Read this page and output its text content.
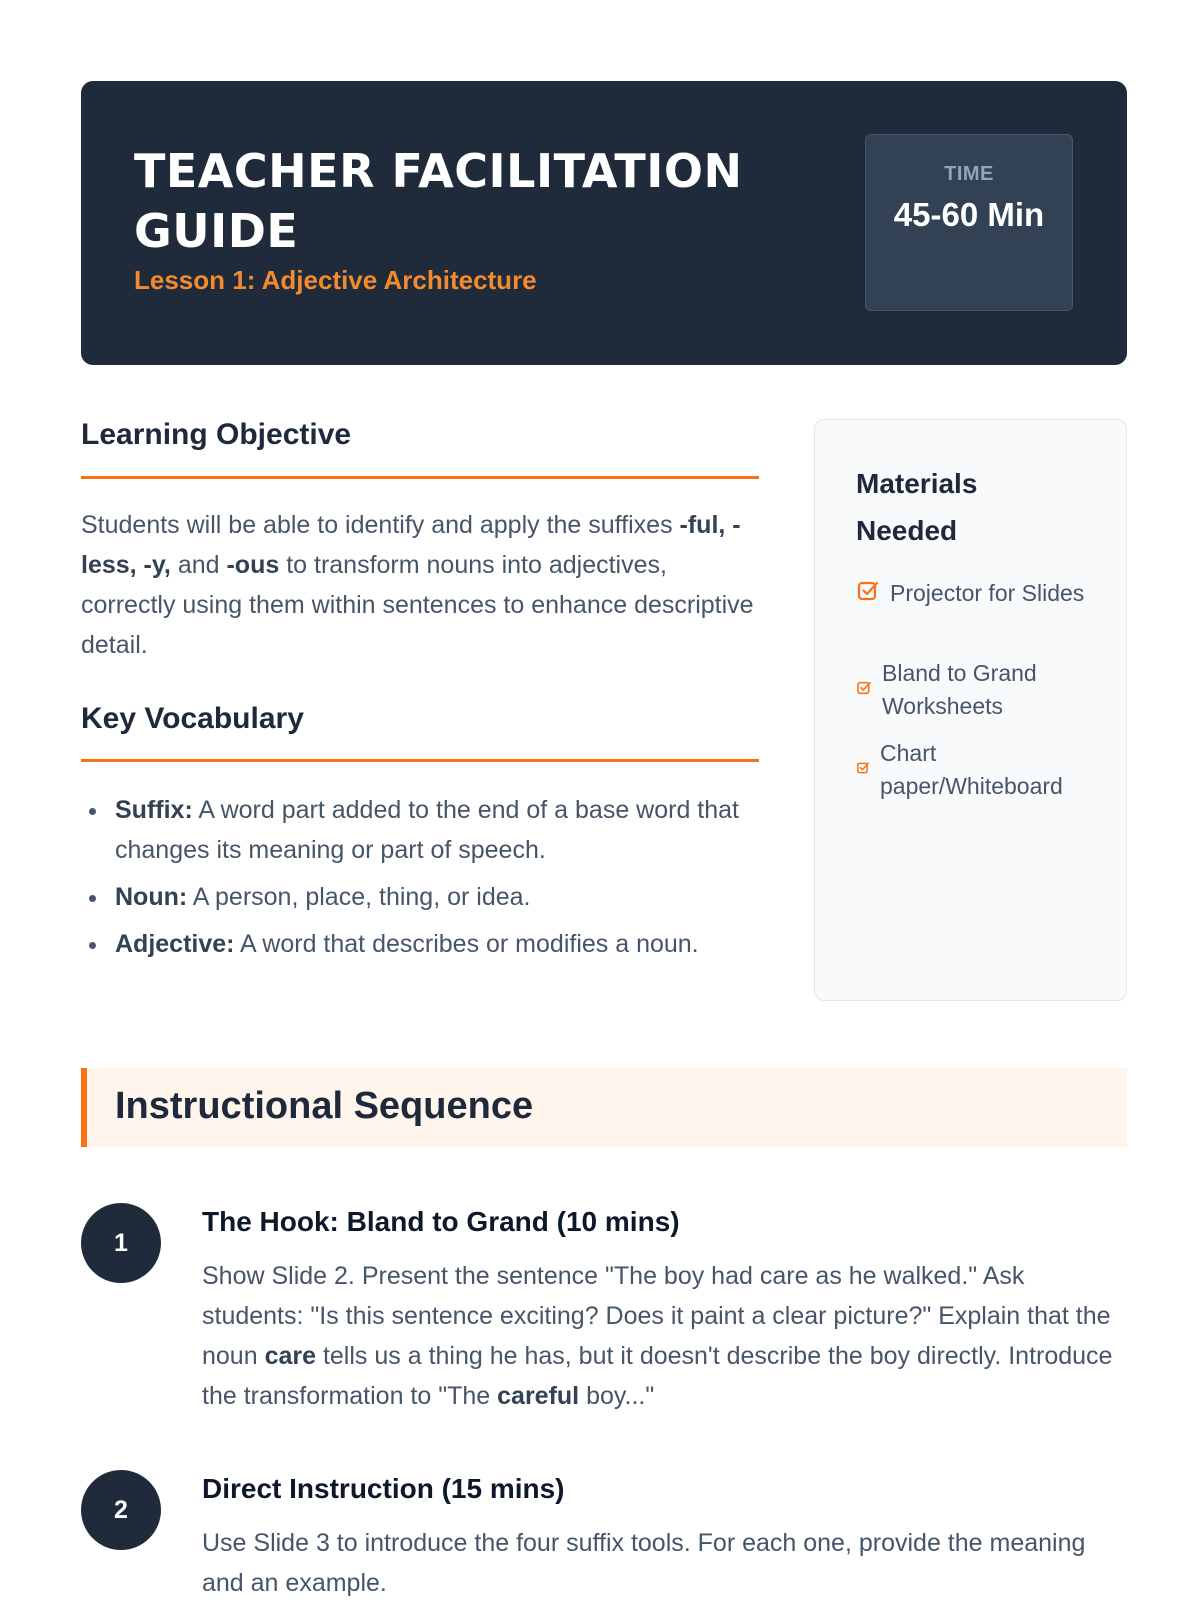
TEACHER FACILITATION GUIDE
Lesson 1: Adjective Architecture
TIME
45-60 Min
Learning Objective

Students will be able to identify and apply the suffixes -ful, -less, -y, and -ous to transform nouns into adjectives, correctly using them within sentences to enhance descriptive detail.

Key Vocabulary
Suffix: A word part added to the end of a base word that changes its meaning or part of speech.
Noun: A person, place, thing, or idea.
Adjective: A word that describes or modifies a noun.
Materials Needed
Projector for Slides
Bland to Grand Worksheets
Chart paper/Whiteboard
Instructional Sequence
1
The Hook: Bland to Grand (10 mins)

Show Slide 2. Present the sentence "The boy had care as he walked." Ask students: "Is this sentence exciting? Does it paint a clear picture?" Explain that the noun care tells us a thing he has, but it doesn't describe the boy directly. Introduce the transformation to "The careful boy..."

2
Direct Instruction (15 mins)

Use Slide 3 to introduce the four suffix tools. For each one, provide the meaning and an example.
